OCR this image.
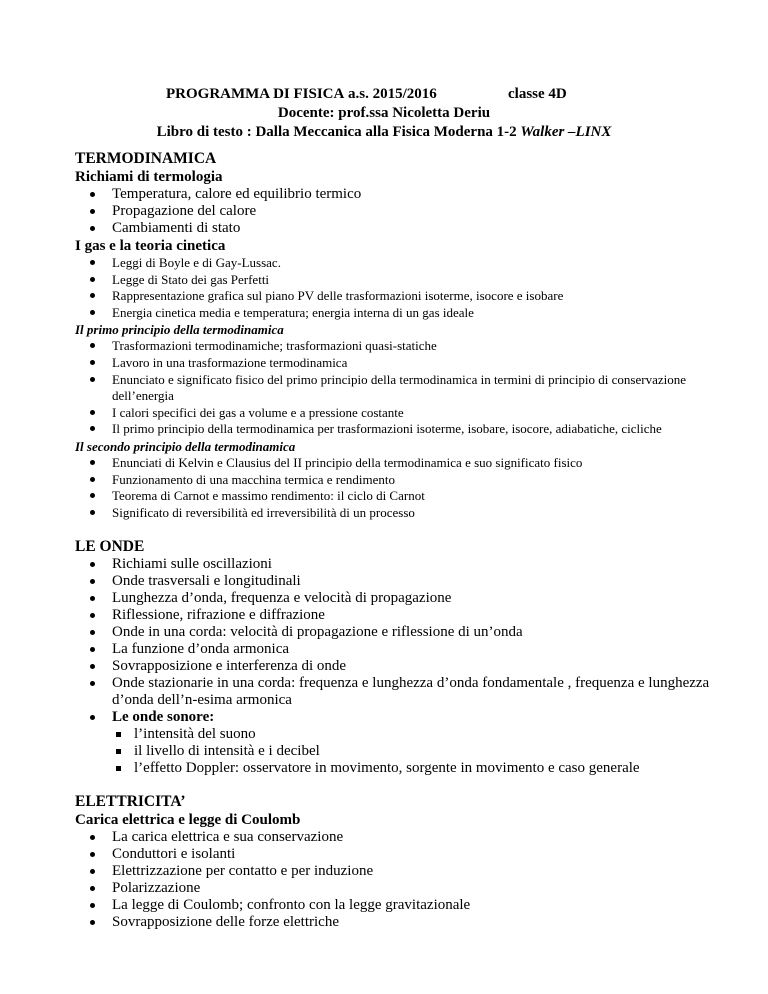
PROGRAMMA DI FISICA a.s. 2015/2016	classe 4D
Docente: prof.ssa Nicoletta Deriu
Libro di testo : Dalla Meccanica alla Fisica Moderna 1-2 Walker –LINX
TERMODINAMICA
Richiami di termologia
Temperatura, calore ed equilibrio termico
Propagazione del calore
Cambiamenti di stato
I gas e la teoria cinetica
Leggi di Boyle e di Gay-Lussac.
Legge di Stato dei gas Perfetti
Rappresentazione grafica sul piano PV delle trasformazioni isoterme, isocore e isobare
Energia cinetica media e temperatura; energia interna di un gas ideale
Il primo principio della termodinamica
Trasformazioni termodinamiche; trasformazioni quasi-statiche
Lavoro in una trasformazione termodinamica
Enunciato e significato fisico del primo principio della termodinamica in termini di principio di conservazione dell’energia
I calori specifici dei gas a volume e a pressione costante
Il primo principio della termodinamica per trasformazioni isoterme, isobare, isocore, adiabatiche, cicliche
Il secondo principio della termodinamica
Enunciati di Kelvin e Clausius del II principio della termodinamica e suo significato fisico
Funzionamento di una macchina termica e rendimento
Teorema di Carnot e massimo rendimento: il ciclo di Carnot
Significato di reversibilità ed irreversibilità di un processo
LE ONDE
Richiami sulle oscillazioni
Onde trasversali e longitudinali
Lunghezza d’onda, frequenza e velocità di propagazione
Riflessione, rifrazione e diffrazione
Onde in una corda: velocità di propagazione e riflessione di un’onda
La funzione d’onda armonica
Sovrapposizione e interferenza di onde
Onde stazionarie in una corda: frequenza e lunghezza d’onda fondamentale , frequenza e lunghezza d’onda dell’n-esima armonica
Le onde sonore:
l’intensità del suono
il livello di intensità e i decibel
l’effetto Doppler: osservatore in movimento, sorgente in movimento e caso generale
ELETTRICITA’
Carica elettrica e legge di Coulomb
La carica elettrica e sua conservazione
Conduttori e isolanti
Elettrizzazione per contatto e per induzione
Polarizzazione
La legge di Coulomb; confronto con la legge gravitazionale
Sovrapposizione delle forze elettriche
